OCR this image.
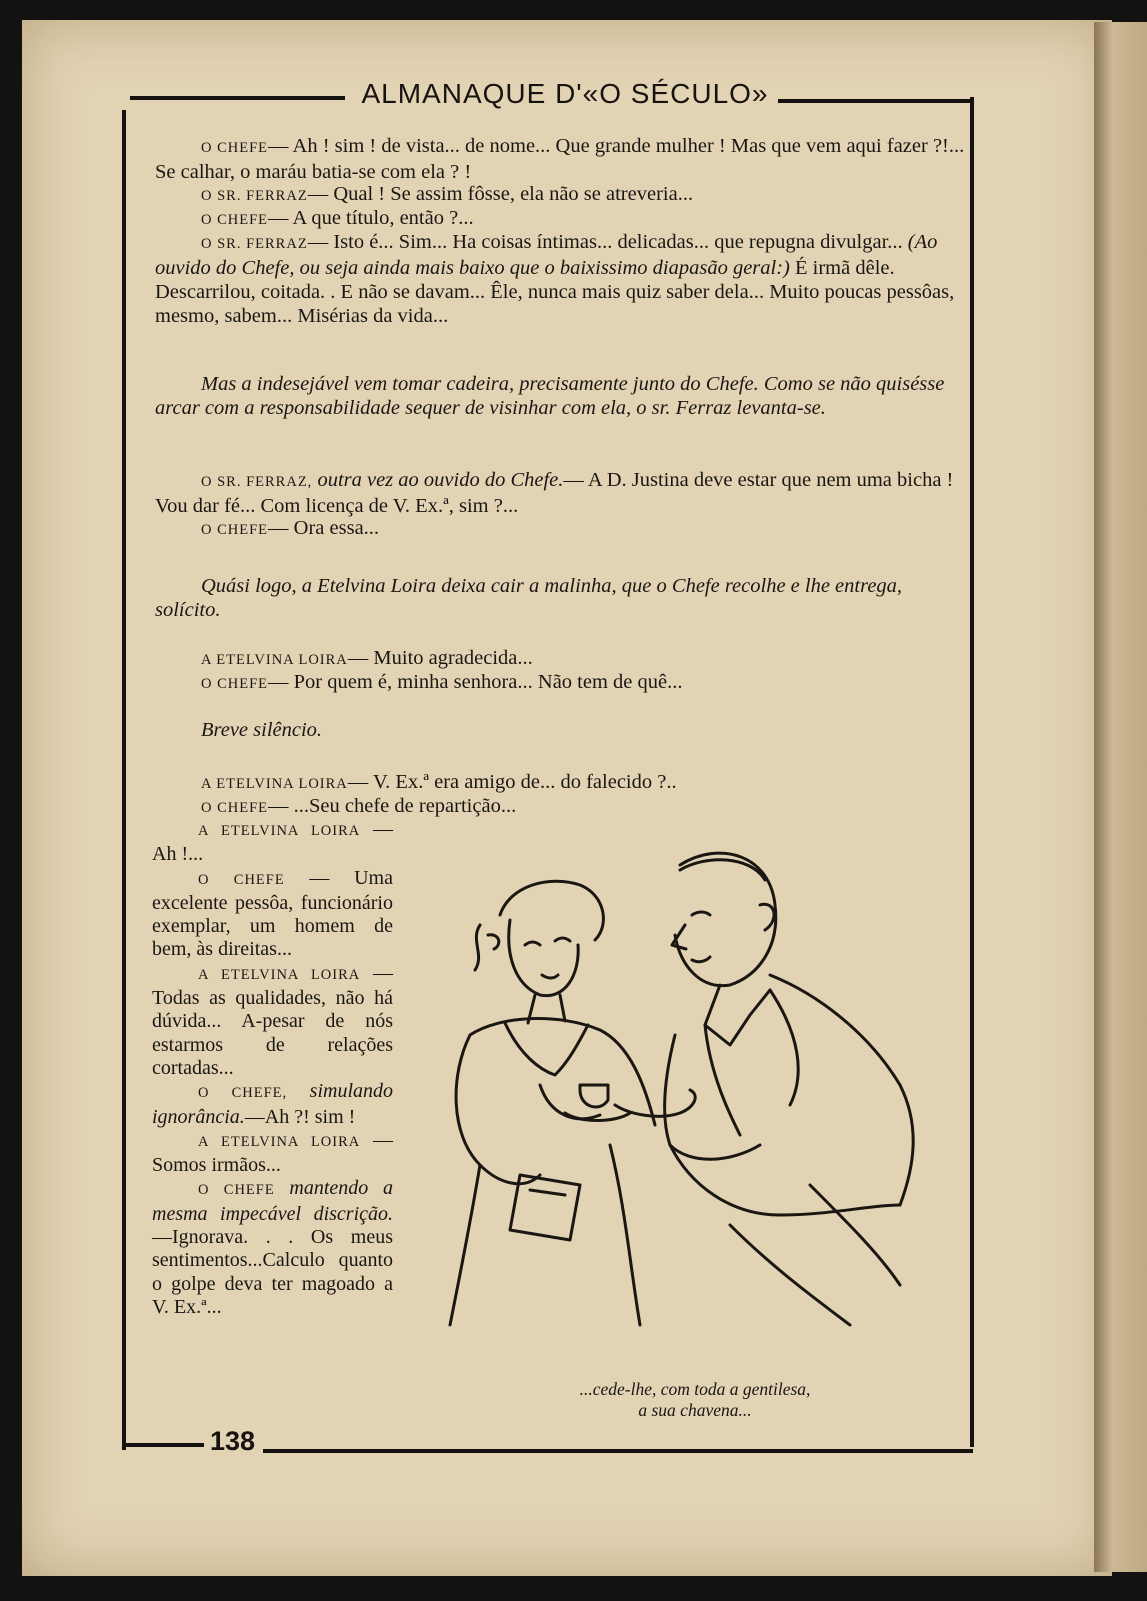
ALMANAQUE D'«O SÉCULO»

O CHEFE— Ah ! sim ! de vista... de nome... Que grande mulher ! Mas que vem aqui fazer ?!... Se calhar, o maráu batia-se com ela ? !

O SR. FERRAZ— Qual ! Se assim fôsse, ela não se atreveria...

O CHEFE— A que título, então ?...

O SR. FERRAZ— Isto é... Sim... Ha coisas íntimas... delicadas... que repugna divulgar... (Ao ouvido do Chefe, ou seja ainda mais baixo que o baixissimo diapasão geral:) É irmã dêle. Descarrilou, coitada. . E não se davam... Êle, nunca mais quiz saber dela... Muito poucas pessôas, mesmo, sabem... Misérias da vida...

Mas a indesejável vem tomar cadeira, precisamente junto do Chefe. Como se não quisésse arcar com a responsabilidade sequer de visinhar com ela, o sr. Ferraz levanta-se.

O SR. FERRAZ, outra vez ao ouvido do Chefe.— A D. Justina deve estar que nem uma bicha ! Vou dar fé... Com licença de V. Ex.ª, sim ?...

O CHEFE— Ora essa...

Quási logo, a Etelvina Loira deixa cair a malinha, que o Chefe recolhe e lhe entrega, solícito.

A ETELVINA LOIRA— Muito agradecida...

O CHEFE— Por quem é, minha senhora... Não tem de quê...

Breve silêncio.

A ETELVINA LOIRA— V. Ex.ª era amigo de... do falecido ?..

O CHEFE— ...Seu chefe de repartição...

A ETELVINA LOIRA — Ah !...

O CHEFE — Uma excelente pessôa, funcionário exemplar, um homem de bem, às direitas...

A ETELVINA LOIRA — Todas as qualidades, não há dúvida... A-pesar de nós estarmos de relações cortadas...

O CHEFE, simulando ignorância.—Ah ?! sim !

A ETELVINA LOIRA — Somos irmãos...

O CHEFE mantendo a mesma impecável discrição.—Ignorava. . . Os meus sentimentos...Calculo quanto o golpe deva ter magoado a V. Ex.ª...

...cede-lhe, com toda a gentilesa,
a sua chavena...
138
